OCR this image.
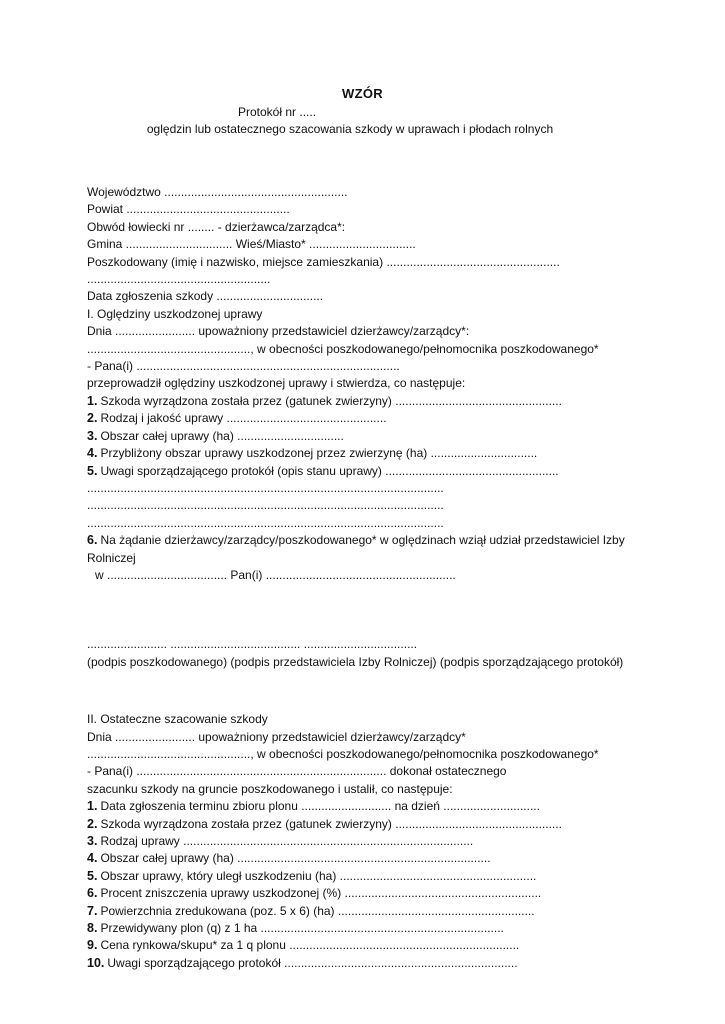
WZÓR
Protokół nr .....
oględzin lub ostatecznego szacowania szkody w uprawach i płodach rolnych
Województwo .......................................................
Powiat .................................................
Obwód łowiecki nr ........ - dzierżawca/zarządca*:
Gmina ................................ Wieś/Miasto* ................................
Poszkodowany (imię i nazwisko, miejsce zamieszkania) ....................................................
.......................................................
Data zgłoszenia szkody ................................
I. Oględziny uszkodzonej uprawy
Dnia ........................ upoważniony przedstawiciel dzierżawcy/zarządcy*:
................................................., w obecności poszkodowanego/pełnomocnika poszkodowanego*
- Pana(i) ...............................................................................
przeprowadził oględziny uszkodzonej uprawy i stwierdza, co następuje:
1. Szkoda wyrządzona została przez (gatunek zwierzyny) ..................................................
2. Rodzaj i jakość uprawy ................................................
3. Obszar całej uprawy (ha) ................................
4. Przybliżony obszar uprawy uszkodzonej przez zwierzynę (ha) ................................
5. Uwagi sporządzającego protokół (opis stanu uprawy) ....................................................
...........................................................................................................
...........................................................................................................
...........................................................................................................
6. Na żądanie dzierżawcy/zarządcy/poszkodowanego* w oględzinach wziął udział przedstawiciel Izby Rolniczej
w .................................... Pan(i) .........................................................
........................ ....................................... ..................................
(podpis poszkodowanego) (podpis przedstawiciela Izby Rolniczej) (podpis sporządzającego protokół)
II. Ostateczne szacowanie szkody
Dnia ........................ upoważniony przedstawiciel dzierżawcy/zarządcy*
................................................., w obecności poszkodowanego/pełnomocnika poszkodowanego*
- Pana(i) ........................................................................... dokonał ostatecznego
szacunku szkody na gruncie poszkodowanego i ustalił, co następuje:
1. Data zgłoszenia terminu zbioru plonu ........................... na dzień .............................
2. Szkoda wyrządzona została przez (gatunek zwierzyny) ..................................................
3. Rodzaj uprawy .......................................................................................
4. Obszar całej uprawy (ha) ............................................................................
5. Obszar uprawy, który uległ uszkodzeniu (ha) ...........................................................
6. Procent zniszczenia uprawy uszkodzonej (%) ...........................................................
7. Powierzchnia zredukowana (poz. 5 x 6) (ha) ...........................................................
8. Przewidywany plon (q) z 1 ha .........................................................................
9. Cena rynkowa/skupu* za 1 q plonu .....................................................................
10. Uwagi sporządzającego protokół ......................................................................
